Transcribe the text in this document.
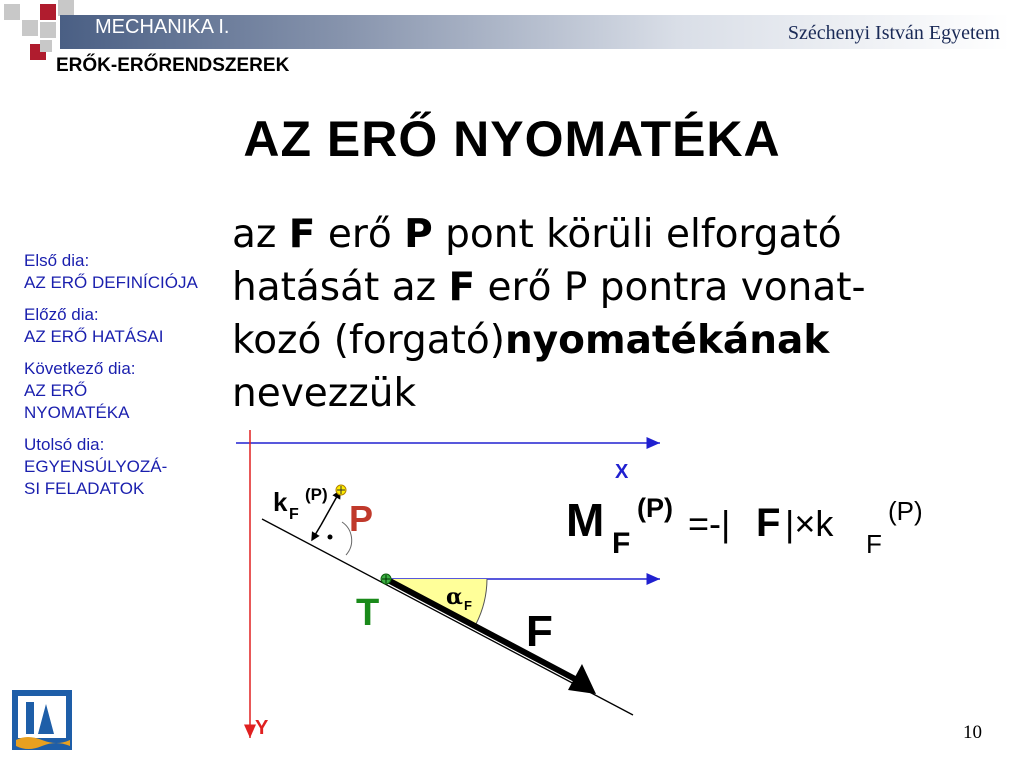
MECHANIKA I.	Széchenyi István Egyetem
ERŐK-ERŐRENDSZEREK
AZ ERŐ NYOMATÉKA
Első dia:
AZ ERŐ DEFINÍCIÓJA
Előző dia:
AZ ERŐ HATÁSAI
Következő dia:
AZ ERŐ
NYOMATÉKA
Utolsó dia:
EGYENSÚLYOZÁ-
SI FELADATOK
az F erő P pont körüli elforgató
hatását az F erő P pontra vonat-
kozó (forgató)nyomatékának
nevezzük
X
Y
P
T	F
kF(P)
αF
M F(P) =-| F |×k F(P)
10
